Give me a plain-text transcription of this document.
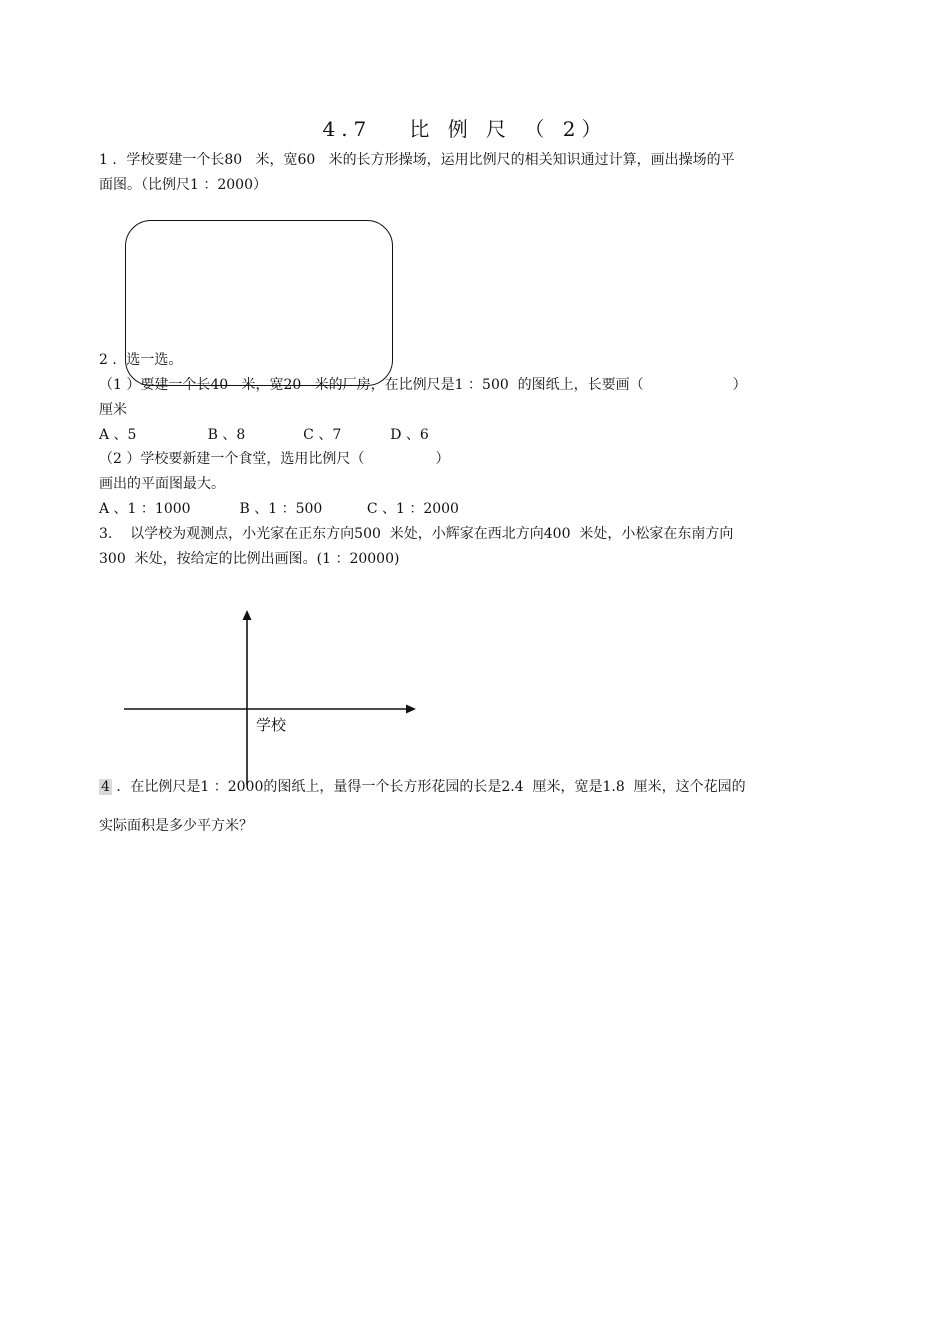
4.7   比 例 尺 （ 2）
1 ．学校要建一个长80   米，宽60   米的长方形操场，运用比例尺的相关知识通过计算，画出操场的平
面图。（比例尺1 ：2000）
2 ．选一选。
（1 ）要建一个长40   米，宽20   米的厂房，在比例尺是1 ：500  的图纸上，长要画（                    ）
厘米
A 、5                B 、8             C 、7           D 、6
（2 ）学校要新建一个食堂，选用比例尺（                ）
画出的平面图最大。
A 、1 ：1000           B 、1 ：500          C 、1 ：2000
3.    以学校为观测点，小光家在正东方向500  米处，小辉家在西北方向400  米处，小松家在东南方向
300  米处，按给定的比例出画图。(1 ：20000)
学校
4 ．在比例尺是1 ：2000的图纸上，量得一个长方形花园的长是2.4  厘米，宽是1.8  厘米，这个花园的
实际面积是多少平方米？
